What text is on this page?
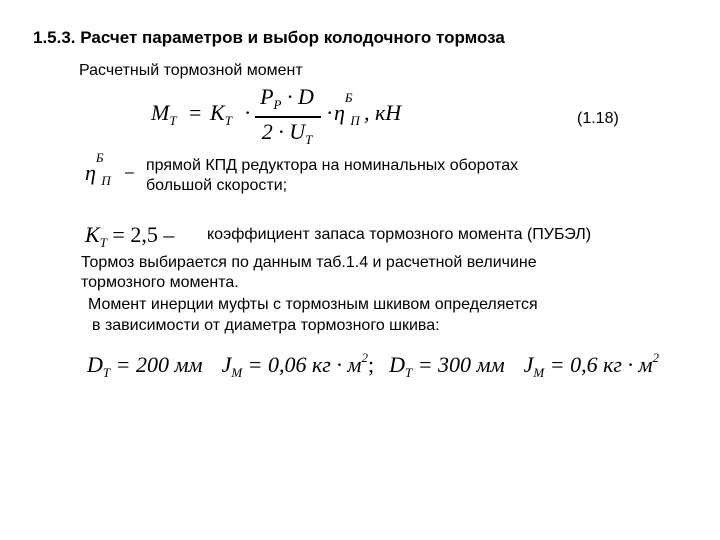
1.5.3. Расчет параметров и выбор колодочного тормоза
Расчетный тормозной момент
$M_T = K_T$ ·
$P_P \cdot D$
$2 \cdot U_T$
· η
Б
$_П$ , кН	(1.18)
η
Б
$_П$ – прямой КПД редуктора на номинальных оборотах
большой скорости;
$K_T = 2,5$ – коэффициент запаса тормозного момента (ПУБЭЛ)
Тормоз выбирается по данным таб.1.4 и расчетной величине
тормозного момента.
Момент инерции муфты с тормозным шкивом определяется
в зависимости от диаметра тормозного шкива:
$D_T = 200$ мм $J_M = 0,06$ кг · $м^2$; $D_T = 300$ мм $J_M = 0,6$ кг · $м^2$
